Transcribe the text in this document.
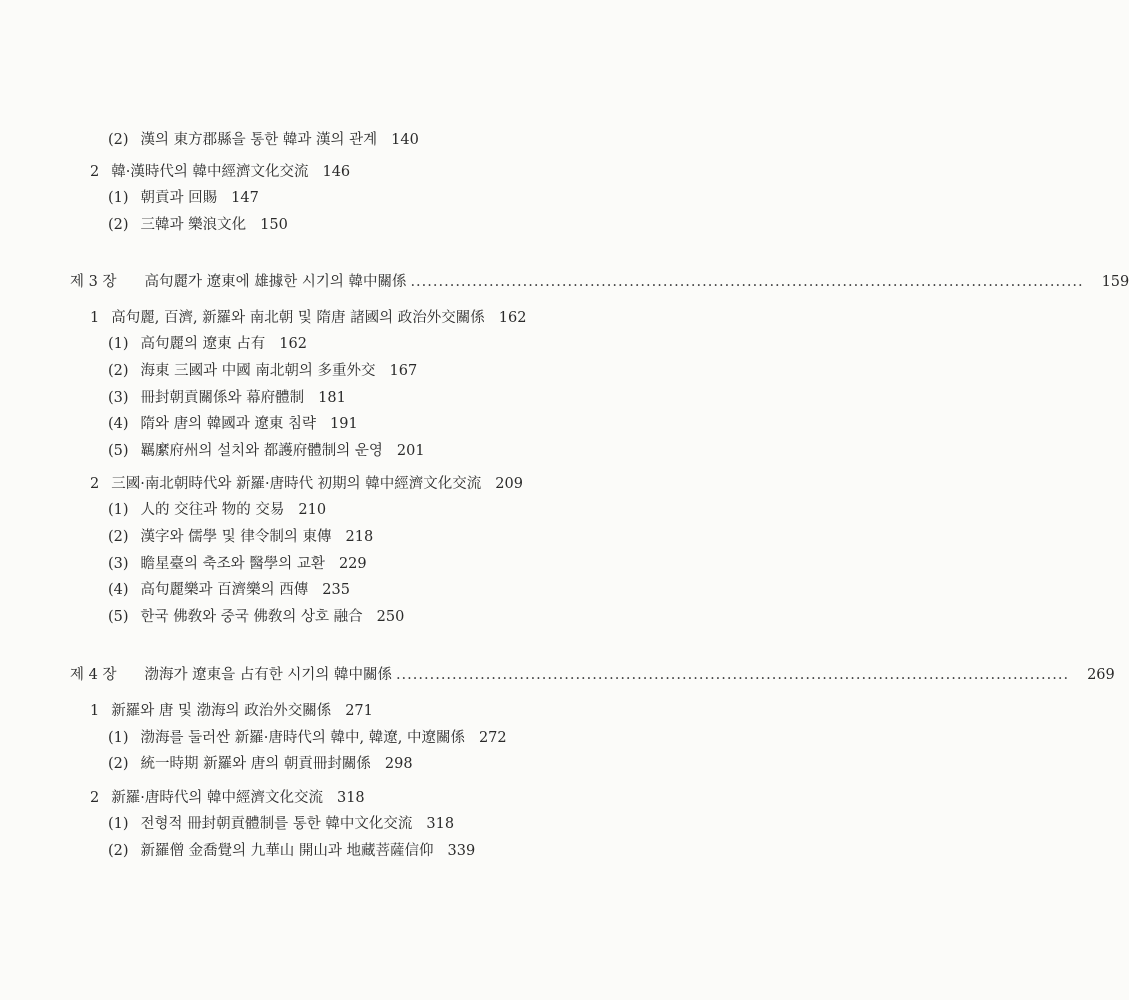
(2) 漢의 東方郡縣을 통한 韓과 漢의 관계 140
2 韓·漢時代의 韓中經濟文化交流 146
(1) 朝貢과 回賜 147
(2) 三韓과 樂浪文化 150
제 3 장 高句麗가 遼東에 雄據한 시기의 韓中關係 ........................................................................................................................ 159
1 高句麗, 百濟, 新羅와 南北朝 및 隋唐 諸國의 政治外交關係 162
(1) 高句麗의 遼東 占有 162
(2) 海東 三國과 中國 南北朝의 多重外交 167
(3) 冊封朝貢關係와 幕府體制 181
(4) 隋와 唐의 韓國과 遼東 침략 191
(5) 羈縻府州의 설치와 都護府體制의 운영 201
2 三國·南北朝時代와 新羅·唐時代 初期의 韓中經濟文化交流 209
(1) 人的 交往과 物的 交易 210
(2) 漢字와 儒學 및 律令制의 東傳 218
(3) 瞻星臺의 축조와 醫學의 교환 229
(4) 高句麗樂과 百濟樂의 西傳 235
(5) 한국 佛敎와 중국 佛敎의 상호 融合 250
제 4 장 渤海가 遼東을 占有한 시기의 韓中關係 ........................................................................................................................ 269
1 新羅와 唐 및 渤海의 政治外交關係 271
(1) 渤海를 둘러싼 新羅·唐時代의 韓中, 韓遼, 中遼關係 272
(2) 統一時期 新羅와 唐의 朝貢冊封關係 298
2 新羅·唐時代의 韓中經濟文化交流 318
(1) 전형적 冊封朝貢體制를 통한 韓中文化交流 318
(2) 新羅僧 金喬覺의 九華山 開山과 地藏菩薩信仰 339
